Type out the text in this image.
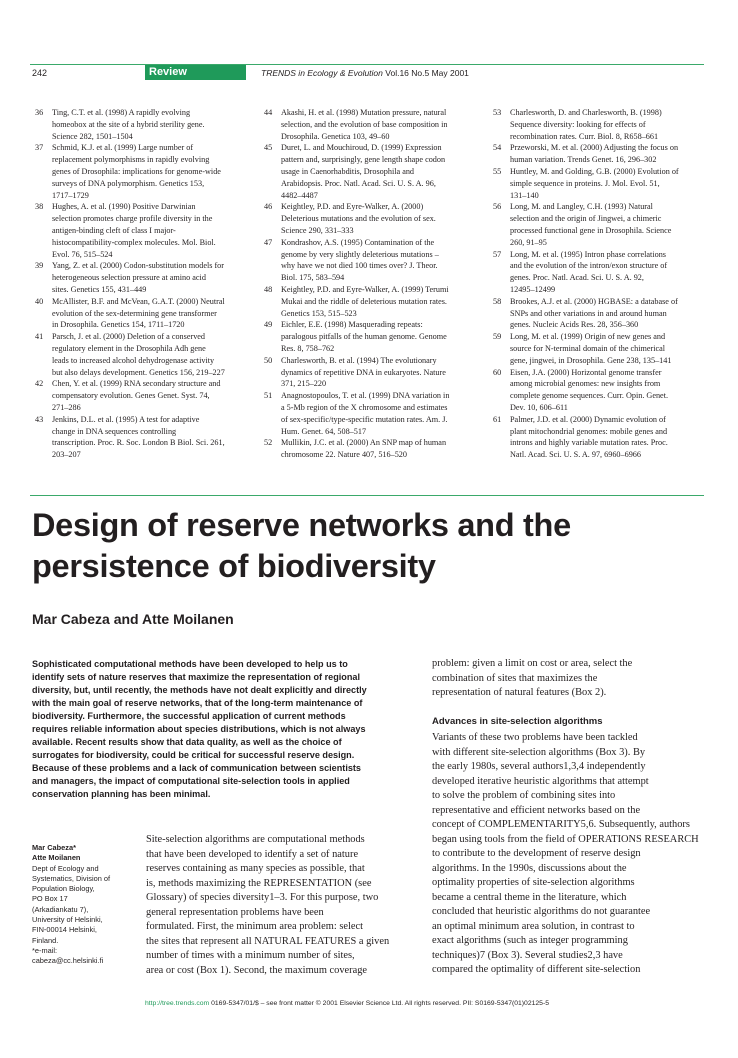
242	Review	TRENDS in Ecology & Evolution Vol.16 No.5 May 2001

36 Ting, C.T. et al. (1998) A rapidly evolving
homeobox at the site of a hybrid sterility gene.
Science 282, 1501–1504

37 Schmid, K.J. et al. (1999) Large number of
replacement polymorphisms in rapidly evolving
genes of Drosophila: implications for genome-wide
surveys of DNA polymorphism. Genetics 153,
1717–1729

38 Hughes, A. et al. (1990) Positive Darwinian
selection promotes charge profile diversity in the
antigen-binding cleft of class I major-
histocompatibility-complex molecules. Mol. Biol.
Evol. 76, 515–524

39 Yang, Z. et al. (2000) Codon-substitution models for
heterogeneous selection pressure at amino acid
sites. Genetics 155, 431–449

40 McAllister, B.F. and McVean, G.A.T. (2000) Neutral
evolution of the sex-determining gene transformer
in Drosophila. Genetics 154, 1711–1720

41 Parsch, J. et al. (2000) Deletion of a conserved
regulatory element in the Drosophila Adh gene
leads to increased alcohol dehydrogenase activity
but also delays development. Genetics 156, 219–227

42 Chen, Y. et al. (1999) RNA secondary structure and
compensatory evolution. Genes Genet. Syst. 74,
271–286

43 Jenkins, D.L. et al. (1995) A test for adaptive
change in DNA sequences controlling
transcription. Proc. R. Soc. London B Biol. Sci. 261,
203–207

44 Akashi, H. et al. (1998) Mutation pressure, natural
selection, and the evolution of base composition in
Drosophila. Genetica 103, 49–60

45 Duret, L. and Mouchiroud, D. (1999) Expression
pattern and, surprisingly, gene length shape codon
usage in Caenorhabditis, Drosophila and
Arabidopsis. Proc. Natl. Acad. Sci. U. S. A. 96,
4482–4487

46 Keightley, P.D. and Eyre-Walker, A. (2000)
Deleterious mutations and the evolution of sex.
Science 290, 331–333

47 Kondrashov, A.S. (1995) Contamination of the
genome by very slightly deleterious mutations –
why have we not died 100 times over? J. Theor.
Biol. 175, 583–594

48 Keightley, P.D. and Eyre-Walker, A. (1999) Terumi
Mukai and the riddle of deleterious mutation rates.
Genetics 153, 515–523

49 Eichler, E.E. (1998) Masquerading repeats:
paralogous pitfalls of the human genome. Genome
Res. 8, 758–762

50 Charlesworth, B. et al. (1994) The evolutionary
dynamics of repetitive DNA in eukaryotes. Nature
371, 215–220

51 Anagnostopoulos, T. et al. (1999) DNA variation in
a 5-Mb region of the X chromosome and estimates
of sex-specific/type-specific mutation rates. Am. J.
Hum. Genet. 64, 508–517

52 Mullikin, J.C. et al. (2000) An SNP map of human
chromosome 22. Nature 407, 516–520

53 Charlesworth, D. and Charlesworth, B. (1998)
Sequence diversity: looking for effects of
recombination rates. Curr. Biol. 8, R658–661

54 Przeworski, M. et al. (2000) Adjusting the focus on
human variation. Trends Genet. 16, 296–302

55 Huntley, M. and Golding, G.B. (2000) Evolution of
simple sequence in proteins. J. Mol. Evol. 51,
131–140

56 Long, M. and Langley, C.H. (1993) Natural
selection and the origin of Jingwei, a chimeric
processed functional gene in Drosophila. Science
260, 91–95

57 Long, M. et al. (1995) Intron phase correlations
and the evolution of the intron/exon structure of
genes. Proc. Natl. Acad. Sci. U. S. A. 92,
12495–12499

58 Brookes, A.J. et al. (2000) HGBASE: a database of
SNPs and other variations in and around human
genes. Nucleic Acids Res. 28, 356–360

59 Long, M. et al. (1999) Origin of new genes and
source for N-terminal domain of the chimerical
gene, jingwei, in Drosophila. Gene 238, 135–141

60 Eisen, J.A. (2000) Horizontal genome transfer
among microbial genomes: new insights from
complete genome sequences. Curr. Opin. Genet.
Dev. 10, 606–611

61 Palmer, J.D. et al. (2000) Dynamic evolution of
plant mitochondrial genomes: mobile genes and
introns and highly variable mutation rates. Proc.
Natl. Acad. Sci. U. S. A. 97, 6960–6966

Design of reserve networks and the persistence of biodiversity
Mar Cabeza and Atte Moilanen
Sophisticated computational methods have been developed to help us to
identify sets of nature reserves that maximize the representation of regional
diversity, but, until recently, the methods have not dealt explicitly and directly
with the main goal of reserve networks, that of the long-term maintenance of
biodiversity. Furthermore, the successful application of current methods
requires reliable information about species distributions, which is not always
available. Recent results show that data quality, as well as the choice of
surrogates for biodiversity, could be critical for successful reserve design.
Because of these problems and a lack of communication between scientists
and managers, the impact of computational site-selection tools in applied
conservation planning has been minimal.
Mar Cabeza*
Atte Moilanen
Dept of Ecology and
Systematics, Division of
Population Biology,
PO Box 17
(Arkadiankatu 7),
University of Helsinki,
FIN-00014 Helsinki,
Finland.
*e-mail:
cabeza@cc.helsinki.fi
Site-selection algorithms are computational methods
that have been developed to identify a set of nature
reserves containing as many species as possible, that
is, methods maximizing the REPRESENTATION (see
Glossary) of species diversity1–3. For this purpose, two
general representation problems have been
formulated. First, the minimum area problem: select
the sites that represent all NATURAL FEATURES a given
number of times with a minimum number of sites,
area or cost (Box 1). Second, the maximum coverage
problem: given a limit on cost or area, select the
combination of sites that maximizes the
representation of natural features (Box 2).
Advances in site-selection algorithms
Variants of these two problems have been tackled
with different site-selection algorithms (Box 3). By
the early 1980s, several authors1,3,4 independently
developed iterative heuristic algorithms that attempt
to solve the problem of combining sites into
representative and efficient networks based on the
concept of COMPLEMENTARITY5,6. Subsequently, authors
began using tools from the field of OPERATIONS RESEARCH
to contribute to the development of reserve design
algorithms. In the 1990s, discussions about the
optimality properties of site-selection algorithms
became a central theme in the literature, which
concluded that heuristic algorithms do not guarantee
an optimal minimum area solution, in contrast to
exact algorithms (such as integer programming
techniques)7 (Box 3). Several studies2,3 have
compared the optimality of different site-selection
http://tree.trends.com 0169-5347/01/$ – see front matter © 2001 Elsevier Science Ltd. All rights reserved. PII: S0169-5347(01)02125-5
